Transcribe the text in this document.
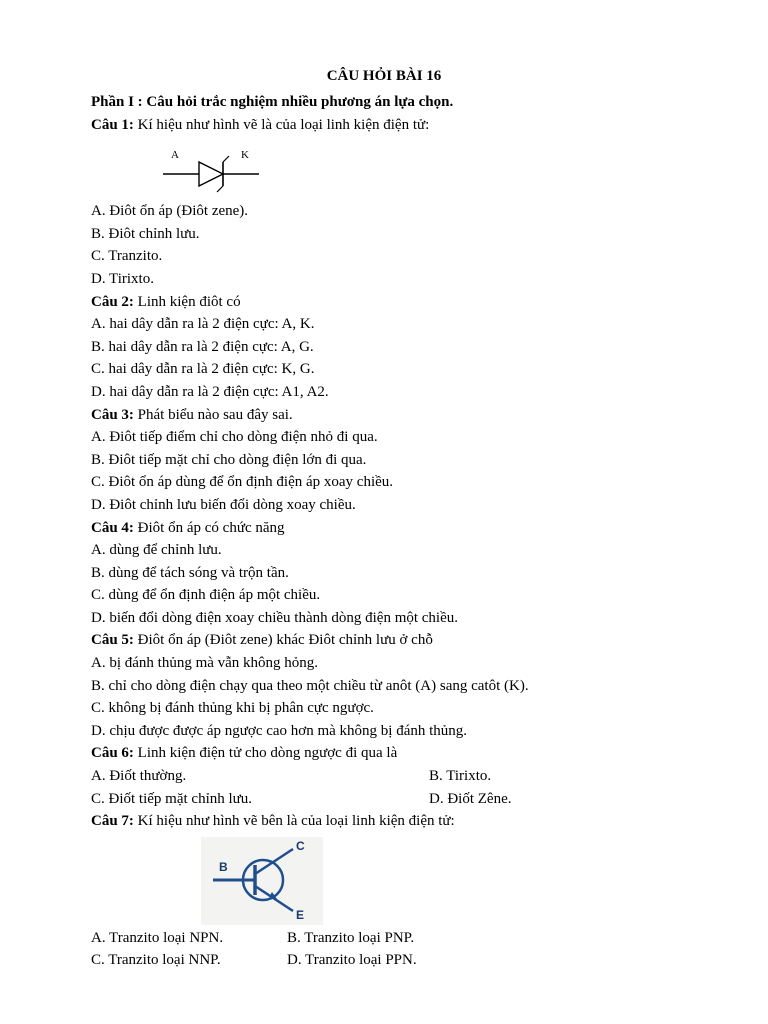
CÂU HỎI BÀI 16
Phần I : Câu hỏi trắc nghiệm nhiều phương án lựa chọn.
Câu 1: Kí hiệu như hình vẽ là của loại linh kiện điện tử:
A	K
A. Điôt ổn áp (Điôt zene).
B. Điôt chỉnh lưu.
C. Tranzito.
D. Tirixto.
Câu 2: Linh kiện điôt có
A. hai dây dẫn ra là 2 điện cực: A, K.
B. hai dây dẫn ra là 2 điện cực: A, G.
C. hai dây dẫn ra là 2 điện cực: K, G.
D. hai dây dẫn ra là 2 điện cực: A1, A2.
Câu 3: Phát biểu nào sau đây sai.
A. Điôt tiếp điểm chỉ cho dòng điện nhỏ đi qua.
B. Điôt tiếp mặt chỉ cho dòng điện lớn đi qua.
C. Điôt ổn áp dùng để ổn định điện áp xoay chiều.
D. Điôt chỉnh lưu biến đổi dòng xoay chiều.
Câu 4: Điôt ổn áp có chức năng
A. dùng để chỉnh lưu.
B. dùng để tách sóng và trộn tần.
C. dùng để ổn định điện áp một chiều.
D. biến đổi dòng điện xoay chiều thành dòng điện một chiều.
Câu 5: Điôt ổn áp (Điôt zene) khác Điôt chỉnh lưu ở chỗ
A. bị đánh thủng mà vẫn không hỏng.
B. chỉ cho dòng điện chạy qua theo một chiều từ anôt (A) sang catôt (K).
C. không bị đánh thủng khi bị phân cực ngược.
D. chịu được được áp ngược cao hơn mà không bị đánh thủng.
Câu 6: Linh kiện điện tử cho dòng ngược đi qua là
A. Điốt thường.	B. Tirixto.
C. Điốt tiếp mặt chỉnh lưu.	D. Điốt Zêne.
Câu 7: Kí hiệu như hình vẽ bên là của loại linh kiện điện tử:
B
C
E
A. Tranzito loại NPN.	B. Tranzito loại PNP.
C. Tranzito loại NNP.	D. Tranzito loại PPN.
